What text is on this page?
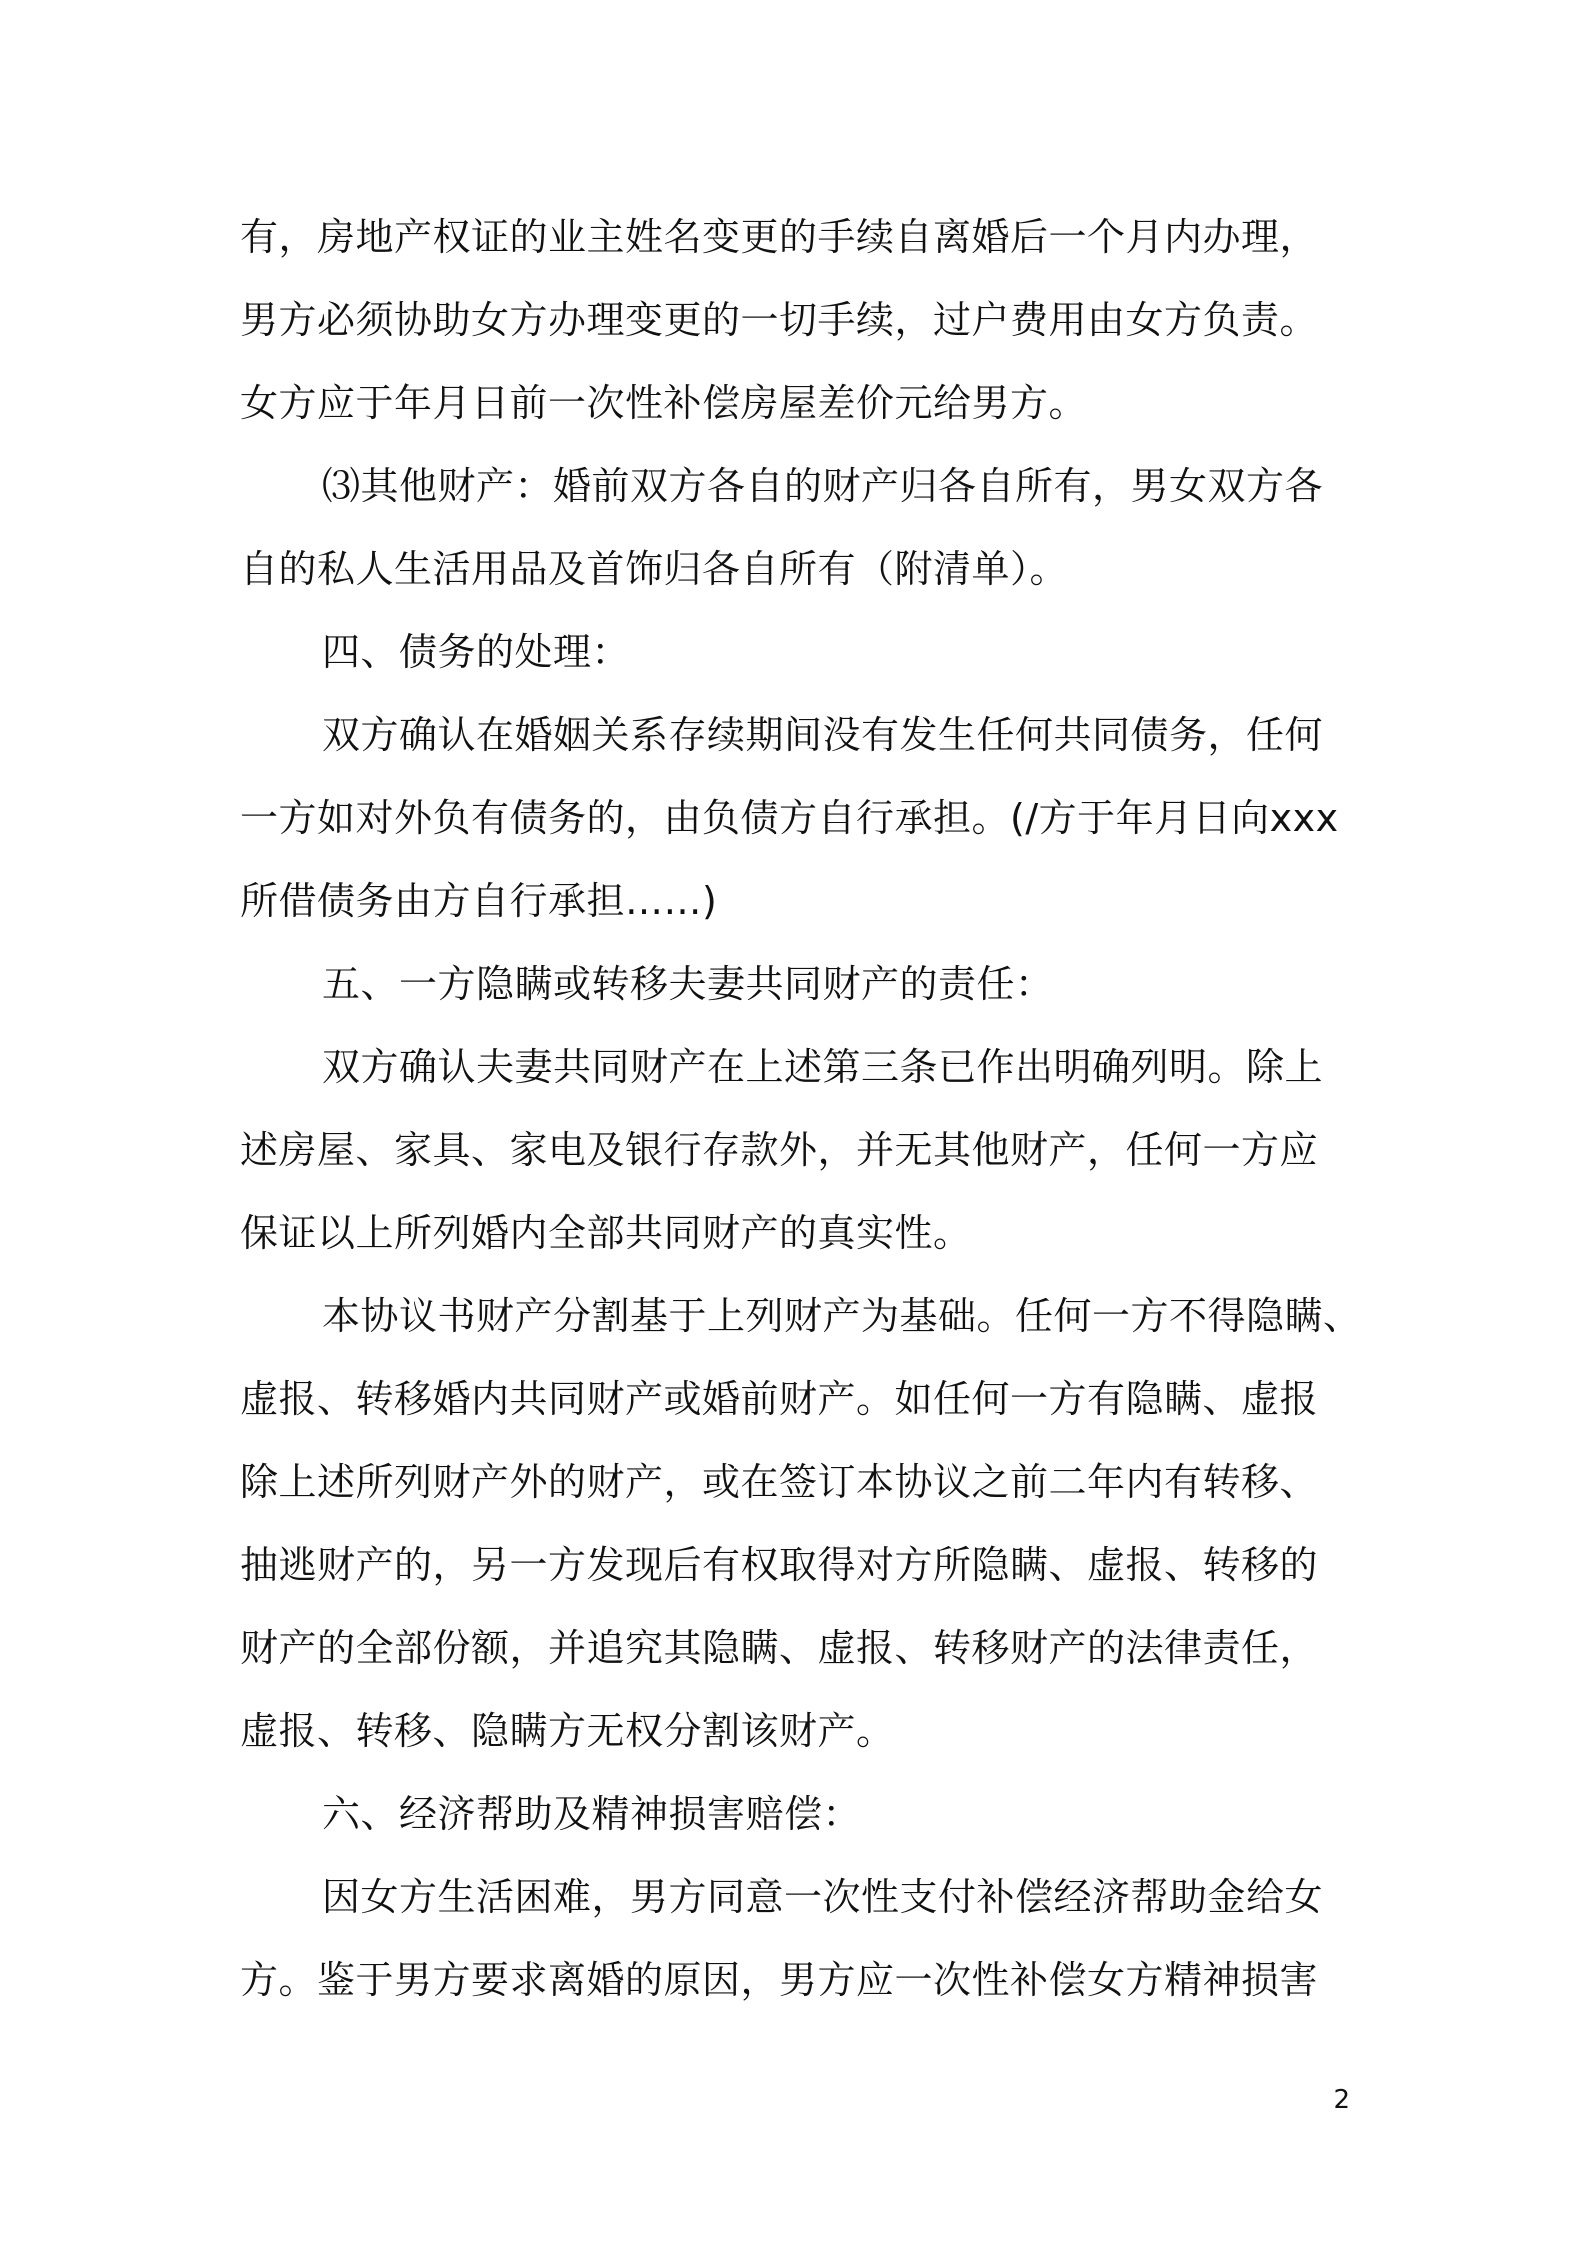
有，房地产权证的业主姓名变更的手续自离婚后一个月内办理，
男方必须协助女方办理变更的一切手续，过户费用由女方负责。
女方应于年月日前一次性补偿房屋差价元给男方。
⑶其他财产：婚前双方各自的财产归各自所有，男女双方各
自的私人生活用品及首饰归各自所有（附清单）。
四、债务的处理：
双方确认在婚姻关系存续期间没有发生任何共同债务，任何
一方如对外负有债务的，由负债方自行承担。(/方于年月日向xxx
所借债务由方自行承担……)
五、一方隐瞒或转移夫妻共同财产的责任：
双方确认夫妻共同财产在上述第三条已作出明确列明。除上
述房屋、家具、家电及银行存款外，并无其他财产，任何一方应
保证以上所列婚内全部共同财产的真实性。
本协议书财产分割基于上列财产为基础。任何一方不得隐瞒、
虚报、转移婚内共同财产或婚前财产。如任何一方有隐瞒、虚报
除上述所列财产外的财产，或在签订本协议之前二年内有转移、
抽逃财产的，另一方发现后有权取得对方所隐瞒、虚报、转移的
财产的全部份额，并追究其隐瞒、虚报、转移财产的法律责任，
虚报、转移、隐瞒方无权分割该财产。
六、经济帮助及精神损害赔偿：
因女方生活困难，男方同意一次性支付补偿经济帮助金给女
方。鉴于男方要求离婚的原因，男方应一次性补偿女方精神损害
2
